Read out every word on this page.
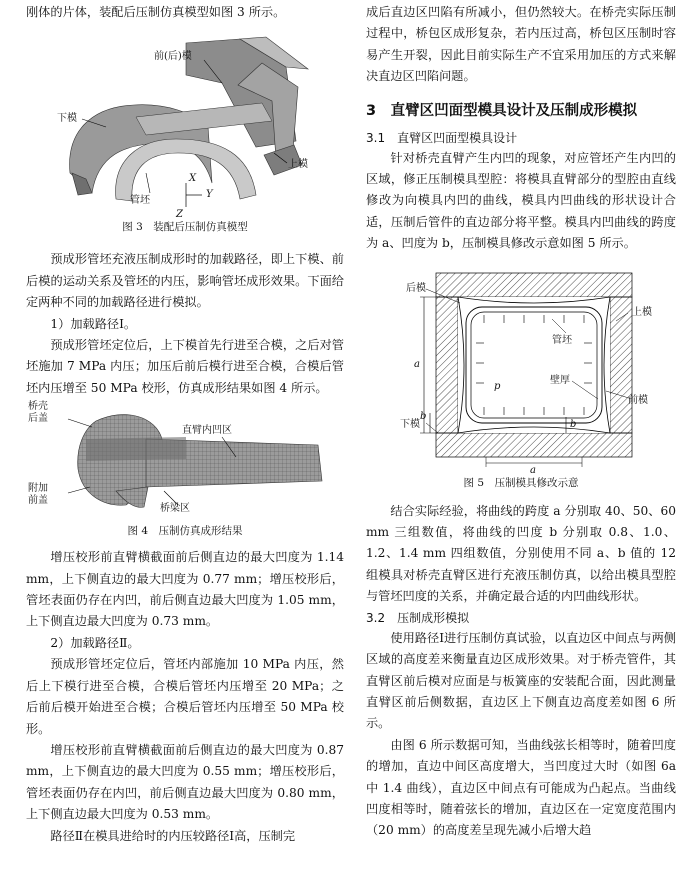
刚体的片体，装配后压制仿真模型如图 3 所示。

前(后)模
下模
上模
管坯
X
Y
Z
图 3　装配后压制仿真模型

预成形管坯充液压制成形时的加载路径，即上下模、前后模的运动关系及管坯的内压，影响管坯成形效果。下面给定两种不同的加载路径进行模拟。

1）加载路径Ⅰ。

预成形管坯定位后，上下模首先行进至合模，之后对管坯施加 7 MPa 内压；加压后前后模行进至合模，合模后管坯内压增至 50 MPa 校形，仿真成形结果如图 4 所示。

桥壳
后盖
直臂内凹区
附加
前盖
桥梁区
图 4　压制仿真成形结果

增压校形前直臂横截面前后侧直边的最大凹度为 1.14 mm，上下侧直边的最大凹度为 0.77 mm；增压校形后，管坯表面仍存在内凹，前后侧直边最大凹度为 1.05 mm，上下侧直边最大凹度为 0.73 mm。

2）加载路径Ⅱ。

预成形管坯定位后，管坯内部施加 10 MPa 内压，然后上下模行进至合模，合模后管坯内压增至 20 MPa；之后前后模开始进至合模；合模后管坯内压增至 50 MPa 校形。

增压校形前直臂横截面前后侧直边的最大凹度为 0.87 mm，上下侧直边的最大凹度为 0.55 mm；增压校形后，管坯表面仍存在内凹，前后侧直边最大凹度为 0.80 mm，上下侧直边最大凹度为 0.53 mm。

路径Ⅱ在模具进给时的内压较路径Ⅰ高，压制完

成后直边区凹陷有所减小，但仍然较大。在桥壳实际压制过程中，桥包区成形复杂，若内压过高，桥包区压制时容易产生开裂，因此目前实际生产不宜采用加压的方式来解决直边区凹陷问题。

3　直臂区凹面型模具设计及压制成形模拟
3.1　直臂区凹面型模具设计

针对桥壳直臂产生内凹的现象，对应管坯产生内凹的区域，修正压制模具型腔：将模具直臂部分的型腔由直线修改为向模具内凹的曲线，模具内凹曲线的形状设计合适，压制后管件的直边部分将平整。模具内凹曲线的跨度为 a、凹度为 b，压制模具修改示意如图 5 所示。

后模
上模
管坯
壁厚
前模
下模
a
b
b
p
a
图 5　压制模具修改示意

结合实际经验，将曲线的跨度 a 分别取 40、50、60 mm 三组数值，将曲线的凹度 b 分别取 0.8、1.0、1.2、1.4 mm 四组数值，分别使用不同 a、b 值的 12 组模具对桥壳直臂区进行充液压制仿真，以给出模具型腔与管坯凹度的关系，并确定最合适的内凹曲线形状。

3.2　压制成形模拟

使用路径Ⅰ进行压制仿真试验，以直边区中间点与两侧区域的高度差来衡量直边区成形效果。对于桥壳管件，其直臂区前后模对应面是与板簧座的安装配合面，因此测量直臂区前后侧数据，直边区上下侧直边高度差如图 6 所示。

由图 6 所示数据可知，当曲线弦长相等时，随着凹度的增加，直边中间区高度增大，当凹度过大时（如图 6a 中 1.4 曲线），直边区中间点有可能成为凸起点。当曲线凹度相等时，随着弦长的增加，直边区在一定宽度范围内（20 mm）的高度差呈现先减小后增大趋
